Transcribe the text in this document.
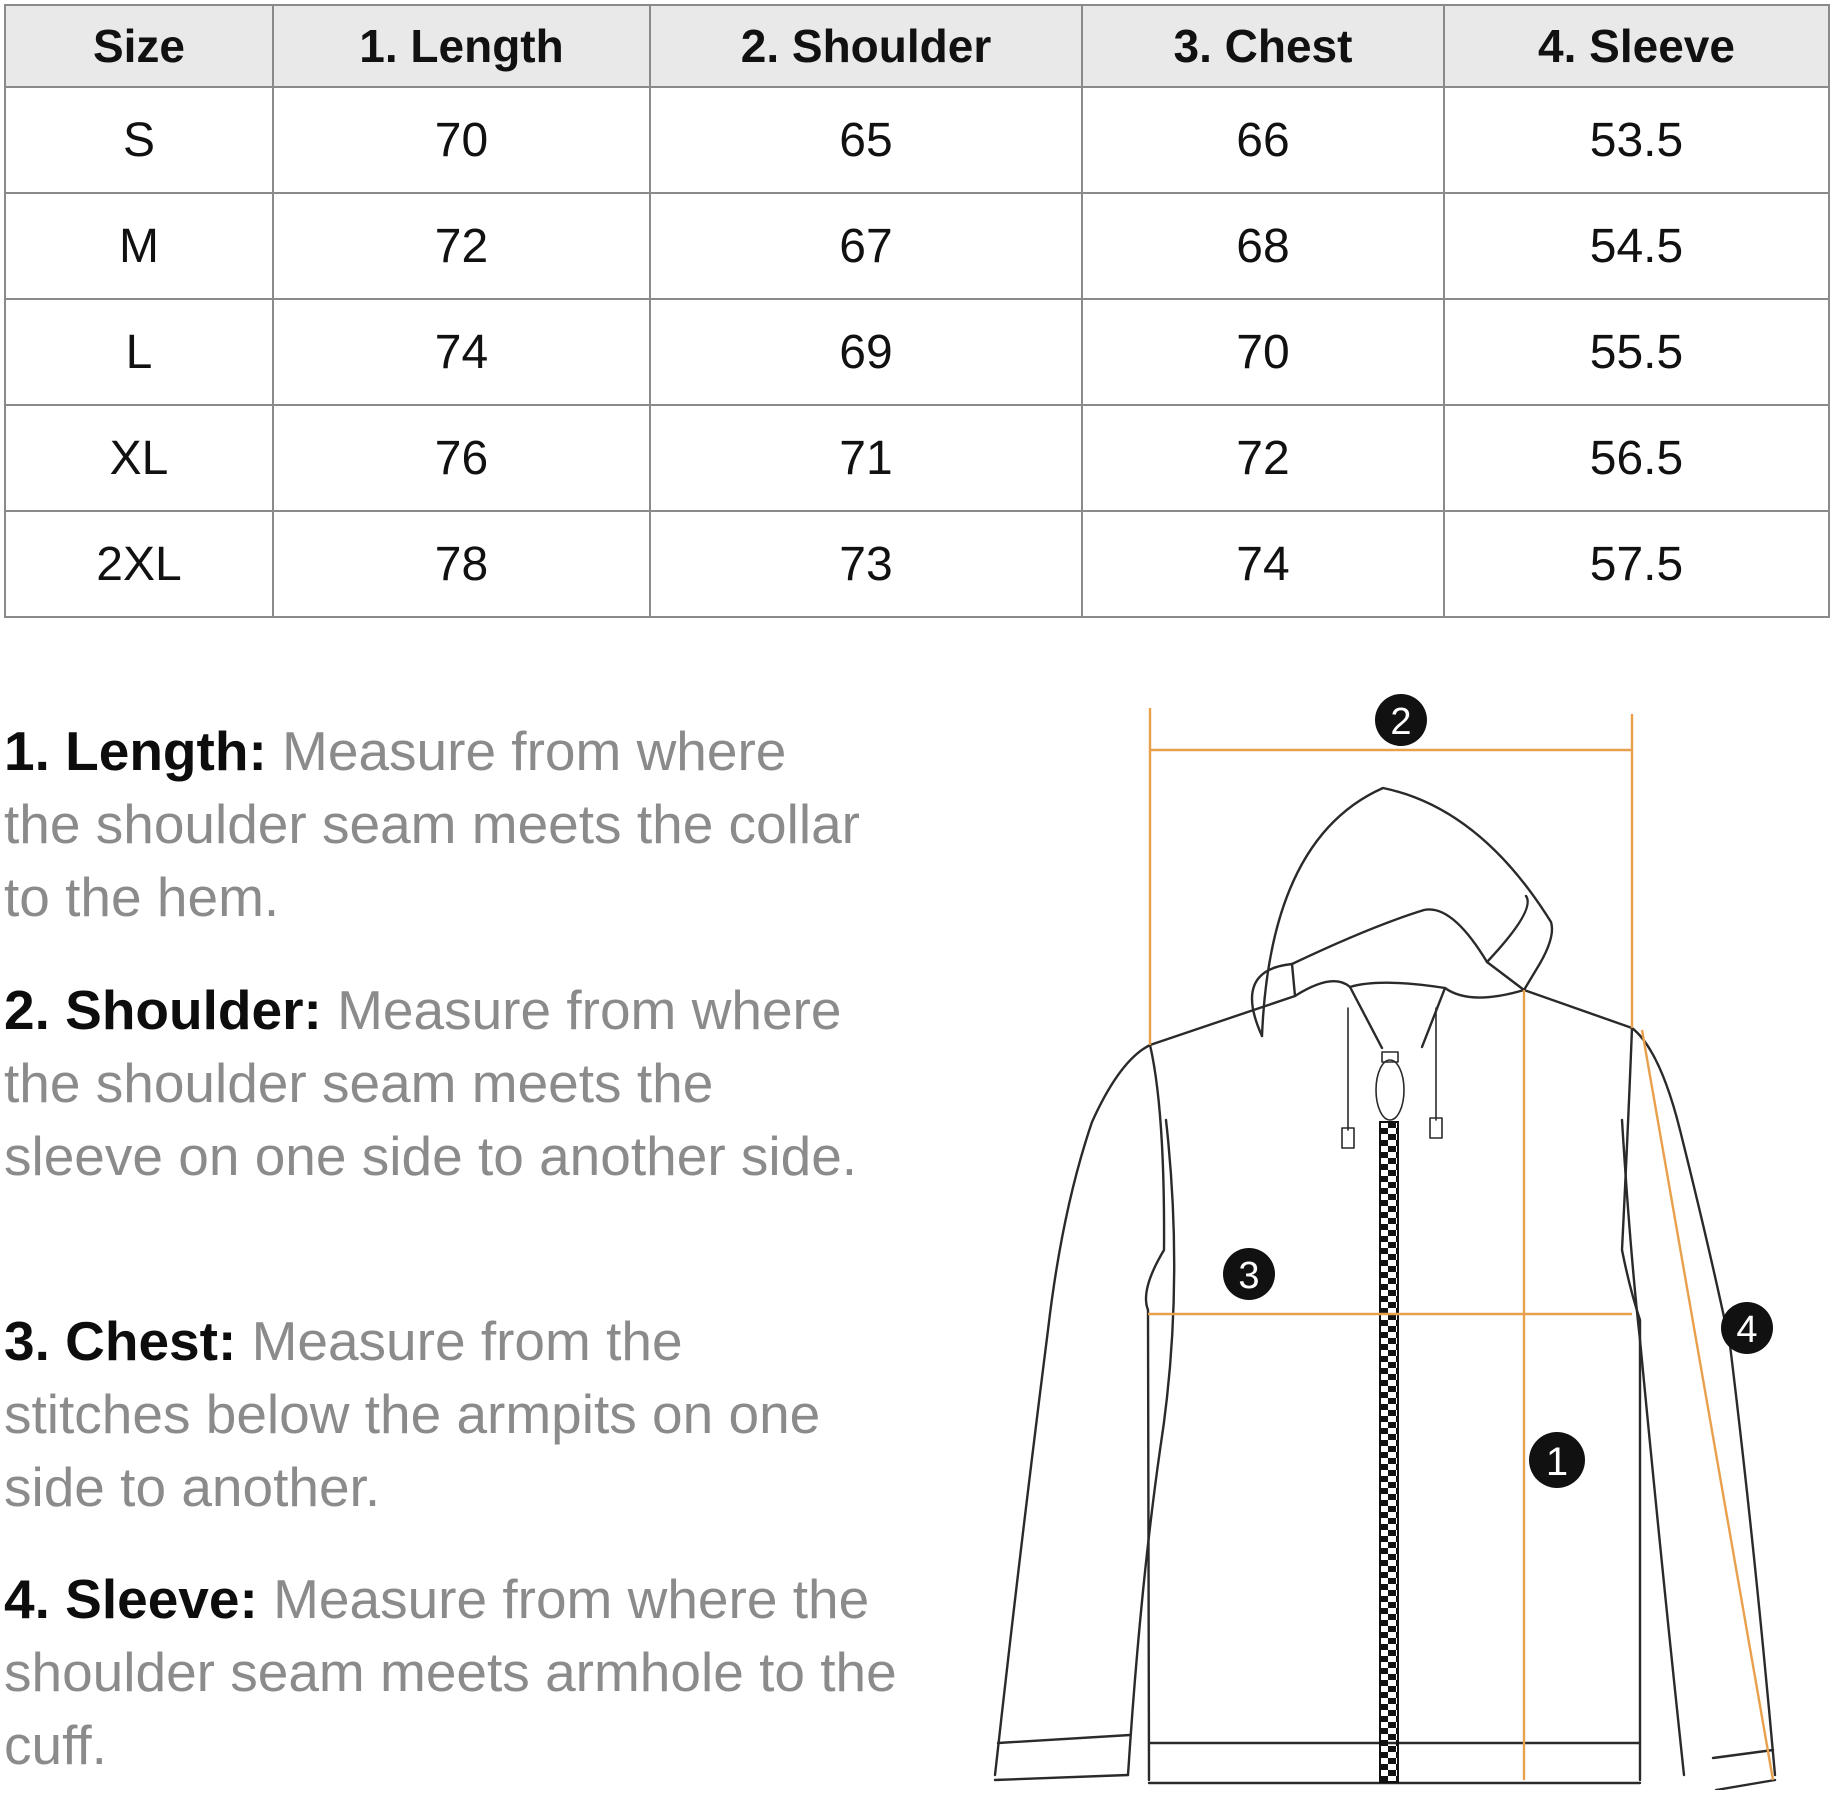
Size	1. Length	2. Shoulder	3. Chest	4. Sleeve
S	70	65	66	53.5
M	72	67	68	54.5
L	74	69	70	55.5
XL	76	71	72	56.5
2XL	78	73	74	57.5

1. Length: Measure from where the shoulder seam meets the collar to the hem.

2. Shoulder: Measure from where the shoulder seam meets the sleeve on one side to another side.

3. Chest: Measure from the stitches below the armpits on one side to another.

4. Sleeve: Measure from where the shoulder seam meets armhole to the cuff.

2
3
4
1
